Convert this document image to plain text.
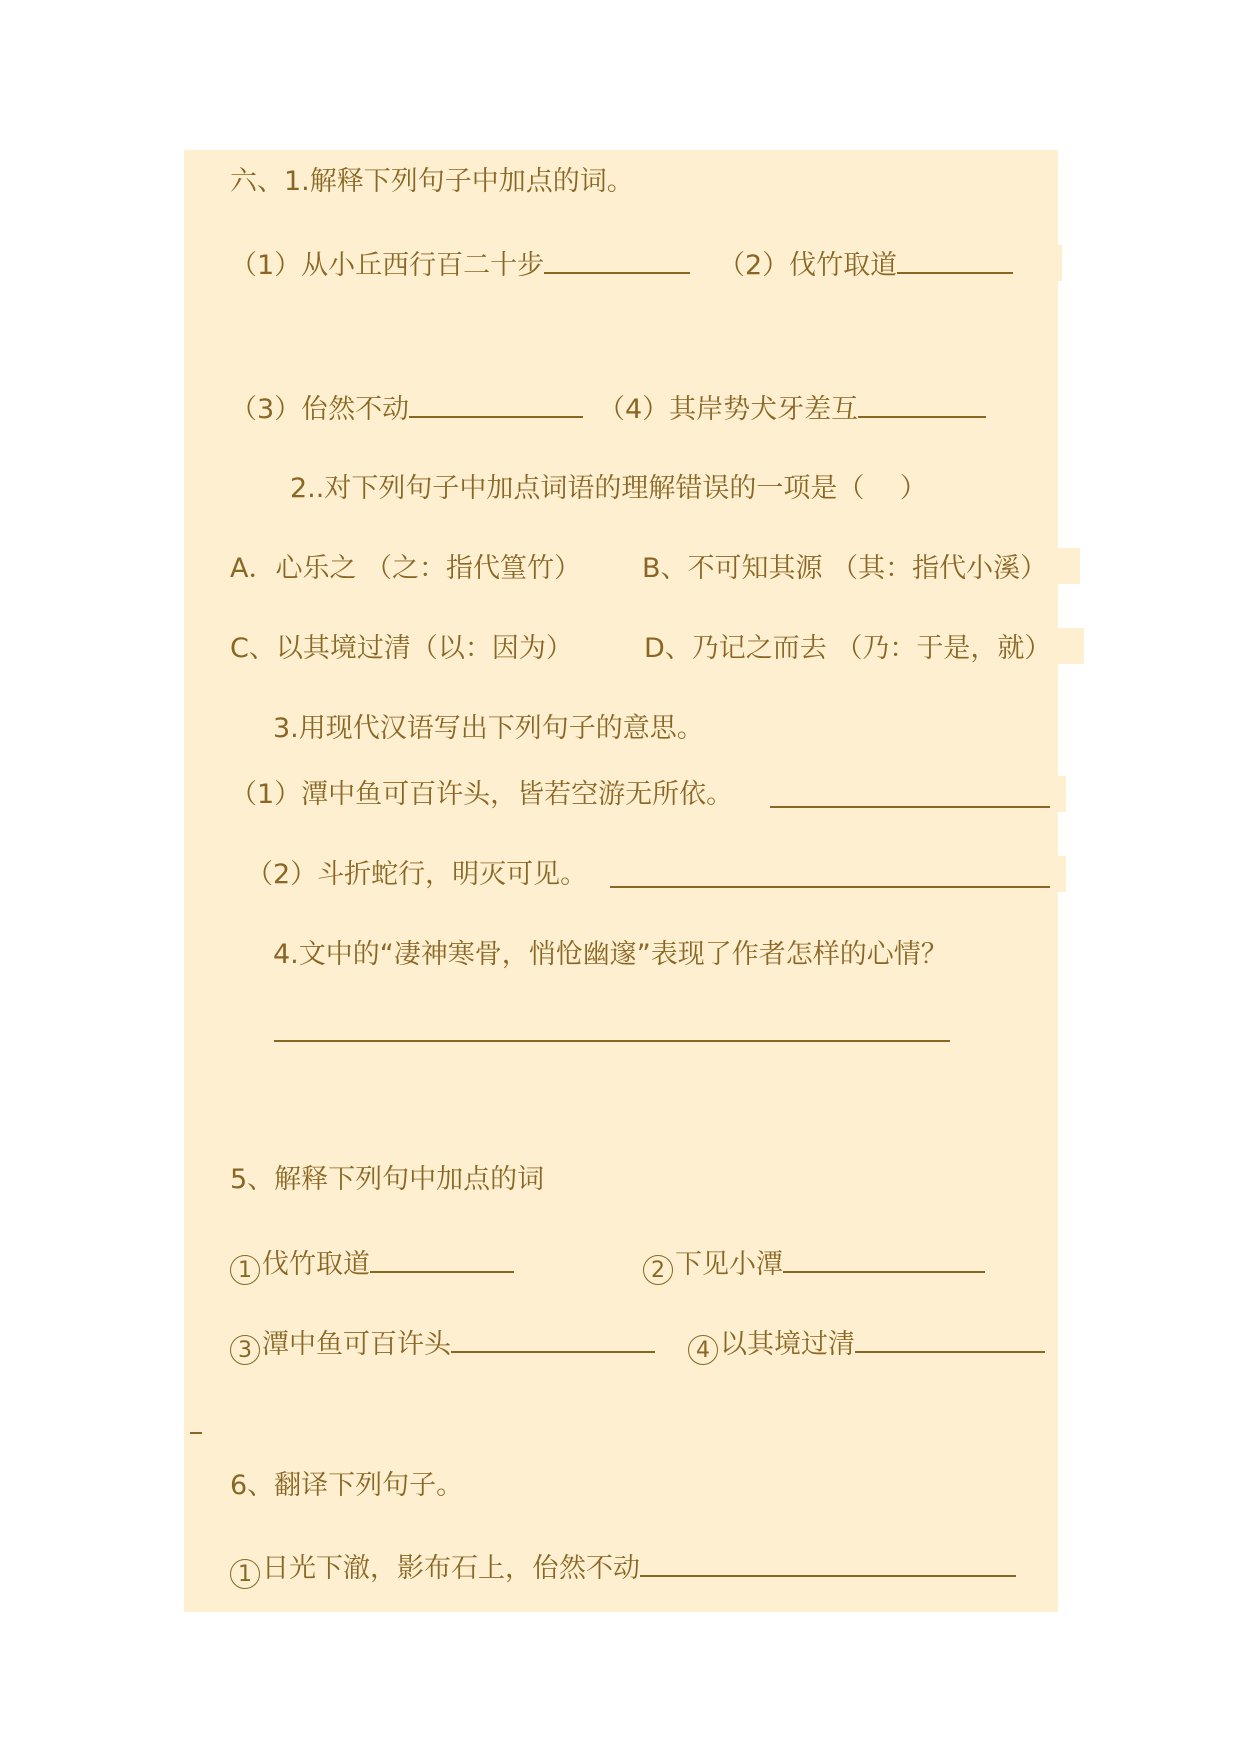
六、1.解释下列句子中加点的词。
（1）从小丘西行百二十步	（2）伐竹取道
（3）佁然不动	（4）其岸势犬牙差互
2..对下列句子中加点词语的理解错误的一项是（　 ）
A．心乐之 （之：指代篁竹） B、不可知其源 （其：指代小溪）
C、以其境过清（以：因为）	D、乃记之而去 （乃：于是，就）
3.用现代汉语写出下列句子的意思。
（1）潭中鱼可百许头，皆若空游无所依。
（2）斗折蛇行，明灭可见。
4.文中的“凄神寒骨，悄怆幽邃”表现了作者怎样的心情？
5、解释下列句中加点的词
1 伐竹取道	2 下见小潭
3 潭中鱼可百许头	4 以其境过清
6、翻译下列句子。
1 日光下澈，影布石上，佁然不动
